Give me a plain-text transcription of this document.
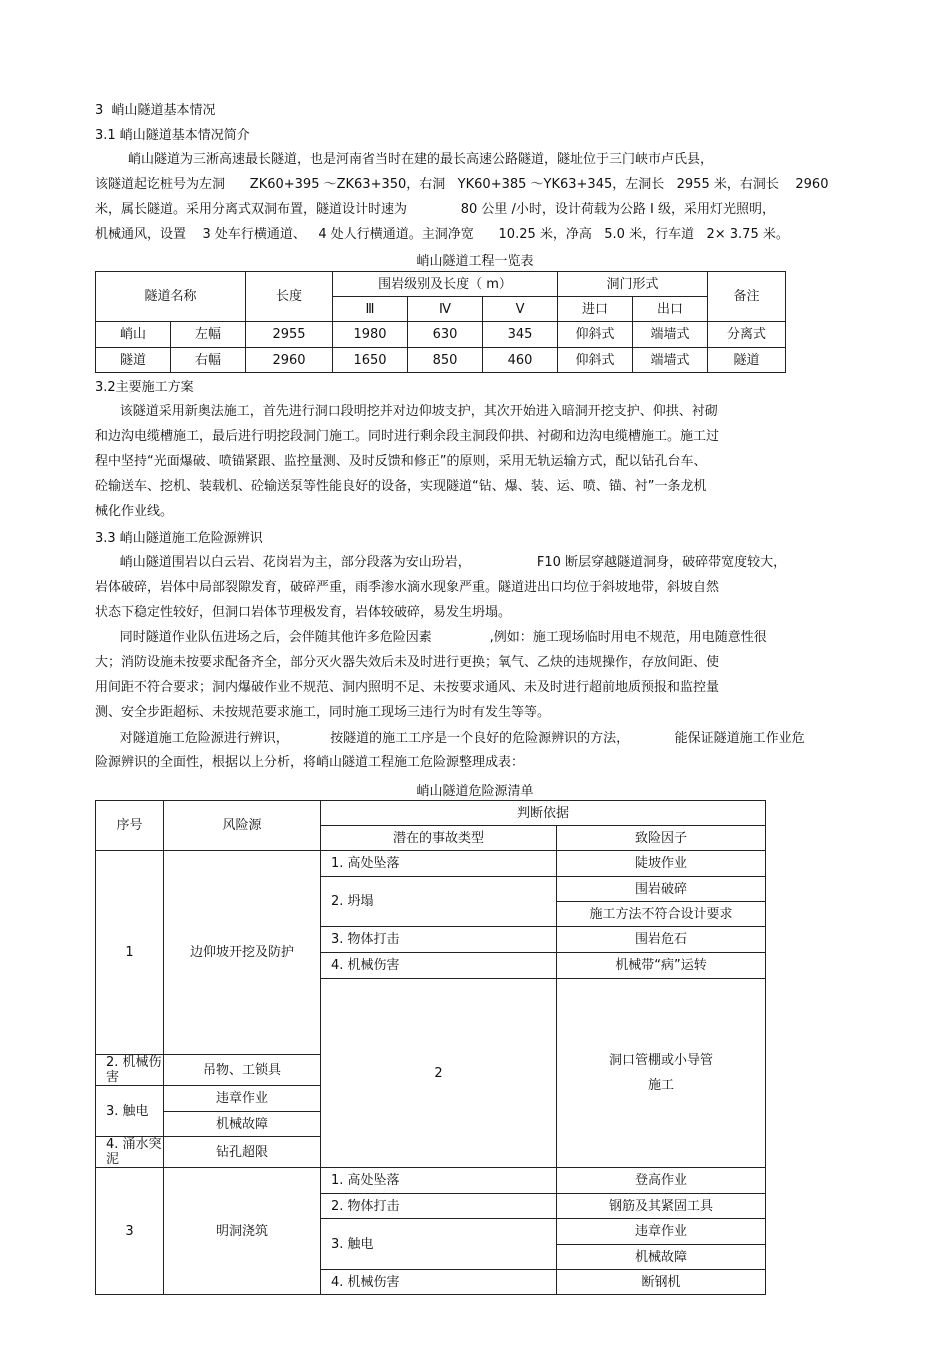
3  峭山隧道基本情况
3.1 峭山隧道基本情况简介
峭山隧道为三淅高速最长隧道，也是河南省当时在建的最长高速公路隧道，隧址位于三门峡市卢氏县，
该隧道起讫桩号为左洞      ZK60+395 ～ZK63+350，右洞   YK60+385 ～YK63+345，左洞长   2955 米，右洞长    2960
米，属长隧道。采用分离式双洞布置，隧道设计时速为             80 公里 /小时，设计荷载为公路 I 级，采用灯光照明，
机械通风，设置    3 处车行横通道、   4 处人行横通道。主洞净宽      10.25 米，净高   5.0 米，行车道   2× 3.75 米。
峭山隧道工程一览表
隧道名称		长度	围岩级别及长度（ m）			洞门形式		备注
			Ⅲ	Ⅳ	Ⅴ	进口	出口	
峭山	左幅	2955	1980	630	345	仰斜式	端墙式	分离式
隧道	右幅	2960	1650	850	460	仰斜式	端墙式	隧道
3.2主要施工方案
该隧道采用新奥法施工，首先进行洞口段明挖并对边仰坡支护，其次开始进入暗洞开挖支护、仰拱、衬砌
和边沟电缆槽施工，最后进行明挖段洞门施工。同时进行剩余段主洞段仰拱、衬砌和边沟电缆槽施工。施工过
程中坚持“光面爆破、喷锚紧跟、监控量测、及时反馈和修正”的原则，采用无轨运输方式，配以钻孔台车、
砼输送车、挖机、装载机、砼输送泵等性能良好的设备，实现隧道“钻、爆、装、运、喷、锚、衬”一条龙机
械化作业线。
3.3 峭山隧道施工危险源辨识
峭山隧道围岩以白云岩、花岗岩为主，部分段落为安山玢岩，                F10 断层穿越隧道洞身，破碎带宽度较大，
岩体破碎，岩体中局部裂隙发育，破碎严重，雨季渗水滴水现象严重。隧道进出口均位于斜坡地带，斜坡自然
状态下稳定性较好，但洞口岩体节理极发育，岩体较破碎，易发生坍塌。
同时隧道作业队伍进场之后，会伴随其他许多危险因素              ,例如：施工现场临时用电不规范，用电随意性很
大；消防设施未按要求配备齐全，部分灭火器失效后未及时进行更换；氧气、乙炔的违规操作，存放间距、使
用间距不符合要求；洞内爆破作业不规范、洞内照明不足、未按要求通风、未及时进行超前地质预报和监控量
测、安全步距超标、未按规范要求施工，同时施工现场三违行为时有发生等等。
对隧道施工危险源进行辨识，          按隧道的施工工序是一个良好的危险源辨识的方法，           能保证隧道施工作业危
险源辨识的全面性，根据以上分析，将峭山隧道工程施工危险源整理成表：
峭山隧道危险源清单
序号	风险源	判断依据		
		潜在的事故类型	致险因子	
1	边仰坡开挖及防护	1. 高处坠落	陡坡作业	
		2. 坍塌	围岩破碎	
			施工方法不符合设计要求	
		3. 物体打击	围岩危石	
		4. 机械伤害	机械带“病”运转	
		2	洞口管棚或小导管
施工

2. 机械伤害	吊物、工锁具			
3. 触电	违章作业			
	机械故障			
4. 涌水突泥	钻孔超限			
3	明洞浇筑	1. 高处坠落	登高作业	
		2. 物体打击	钢筋及其紧固工具	
		3. 触电	违章作业	
			机械故障	
		4. 机械伤害	断钢机	
